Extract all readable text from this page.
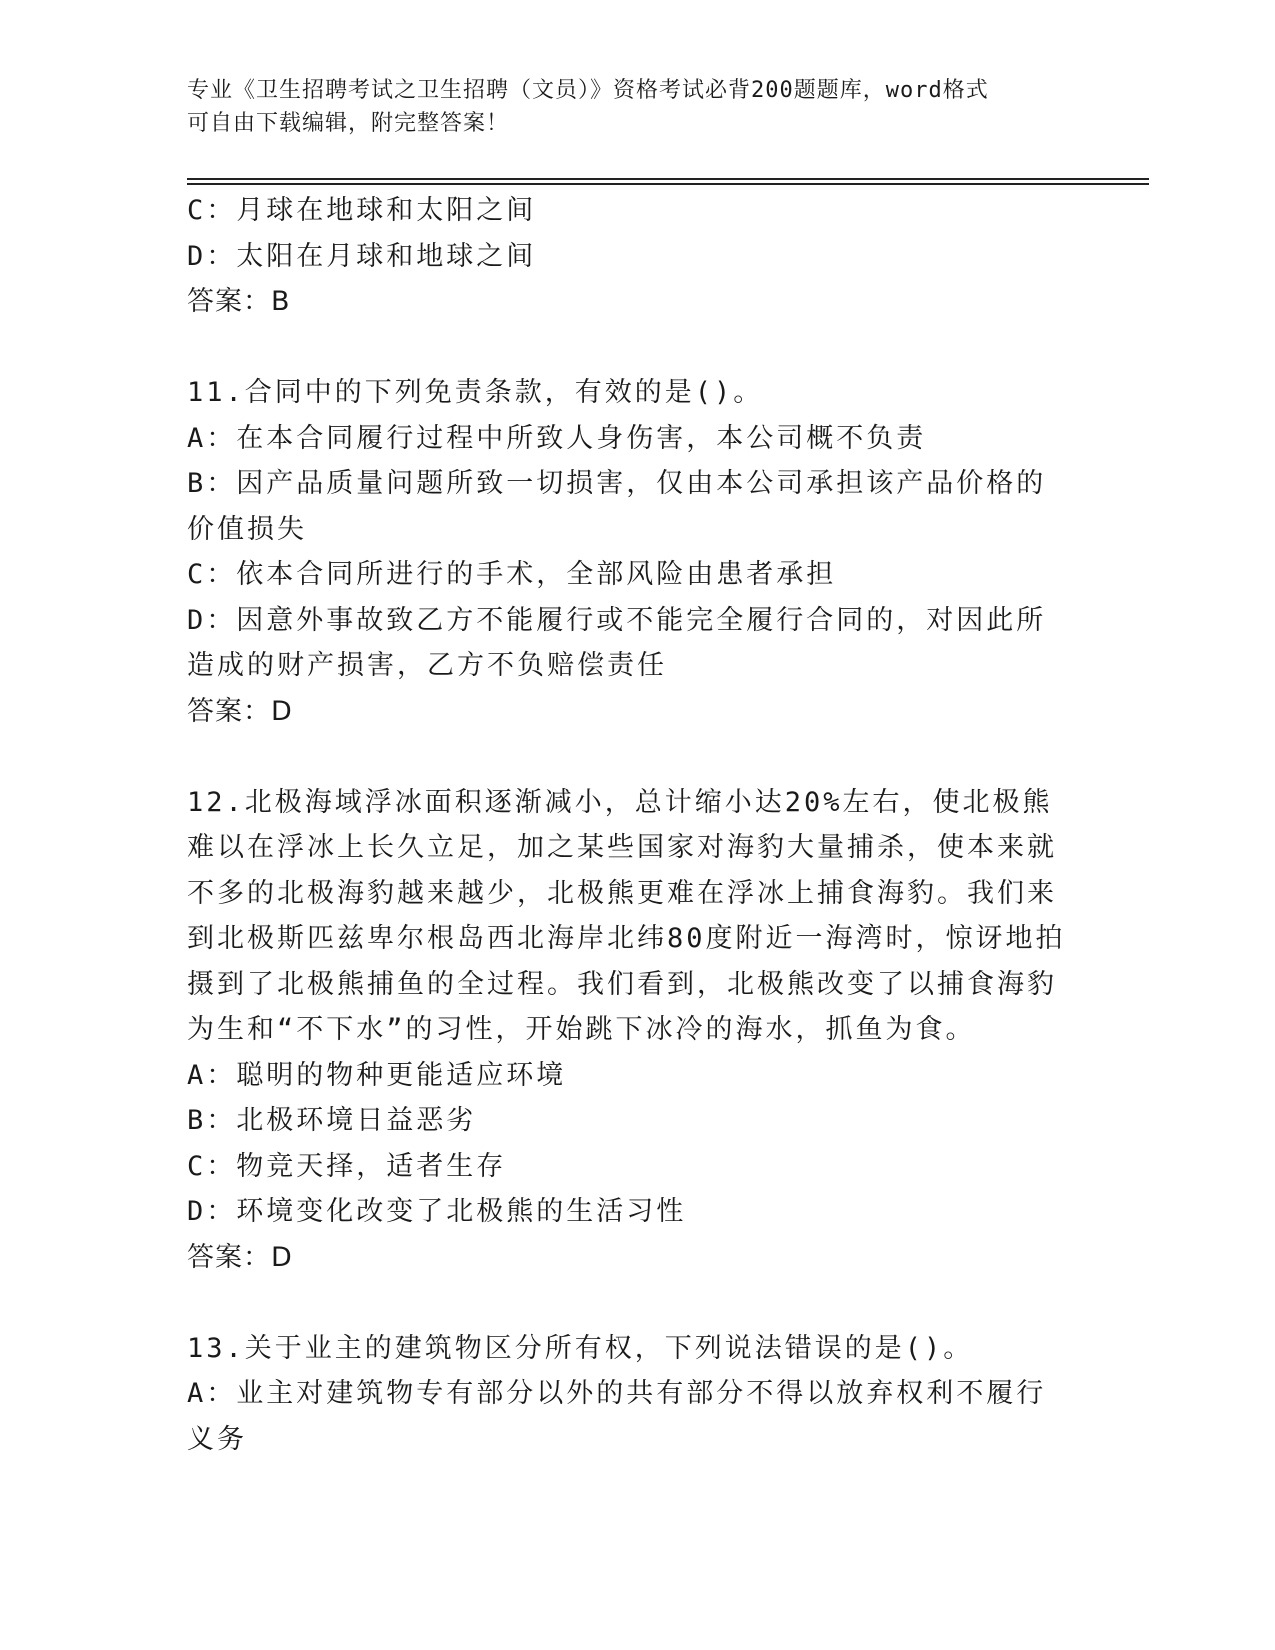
专业《卫生招聘考试之卫生招聘（文员）》资格考试必背200题题库，word格式
可自由下载编辑，附完整答案！

C：月球在地球和太阳之间

D：太阳在月球和地球之间

答案：B

11.合同中的下列免责条款，有效的是()。

A：在本合同履行过程中所致人身伤害，本公司概不负责

B：因产品质量问题所致一切损害，仅由本公司承担该产品价格的价值损失

C：依本合同所进行的手术，全部风险由患者承担

D：因意外事故致乙方不能履行或不能完全履行合同的，对因此所造成的财产损害，乙方不负赔偿责任

答案：D

12.北极海域浮冰面积逐渐减小，总计缩小达20%左右，使北极熊难以在浮冰上长久立足，加之某些国家对海豹大量捕杀，使本来就不多的北极海豹越来越少，北极熊更难在浮冰上捕食海豹。我们来到北极斯匹兹卑尔根岛西北海岸北纬80度附近一海湾时，惊讶地拍摄到了北极熊捕鱼的全过程。我们看到，北极熊改变了以捕食海豹为生和“不下水”的习性，开始跳下冰冷的海水，抓鱼为食。

A：聪明的物种更能适应环境

B：北极环境日益恶劣

C：物竞天择，适者生存

D：环境变化改变了北极熊的生活习性

答案：D

13.关于业主的建筑物区分所有权，下列说法错误的是()。

A：业主对建筑物专有部分以外的共有部分不得以放弃权利不履行义务
